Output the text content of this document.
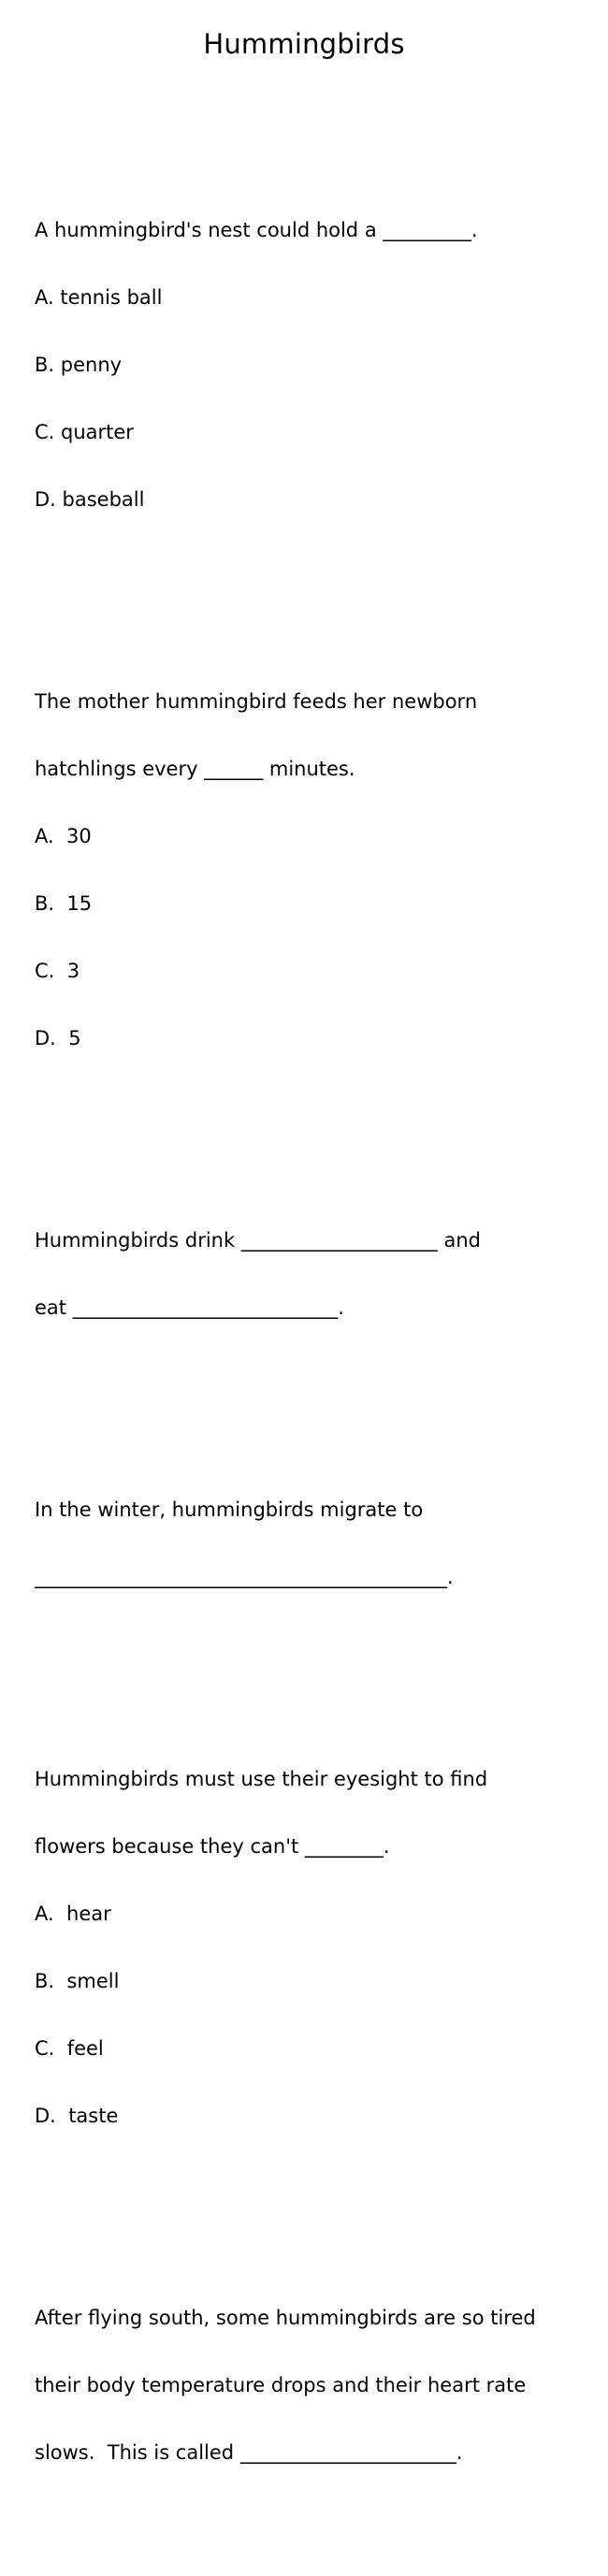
Hummingbirds

A hummingbird's nest could hold a _________.

A. tennis ball

B. penny

C. quarter

D. baseball

The mother hummingbird feeds her newborn

hatchlings every ______ minutes.

A.  30

B.  15

C.  3

D.  5

Hummingbirds drink ____________________ and

eat ___________________________.

In the winter, hummingbirds migrate to

__________________________________________.

Hummingbirds must use their eyesight to find

flowers because they can't ________.

A.  hear

B.  smell

C.  feel

D.  taste

After flying south, some hummingbirds are so tired

their body temperature drops and their heart rate

slows.  This is called ______________________.
